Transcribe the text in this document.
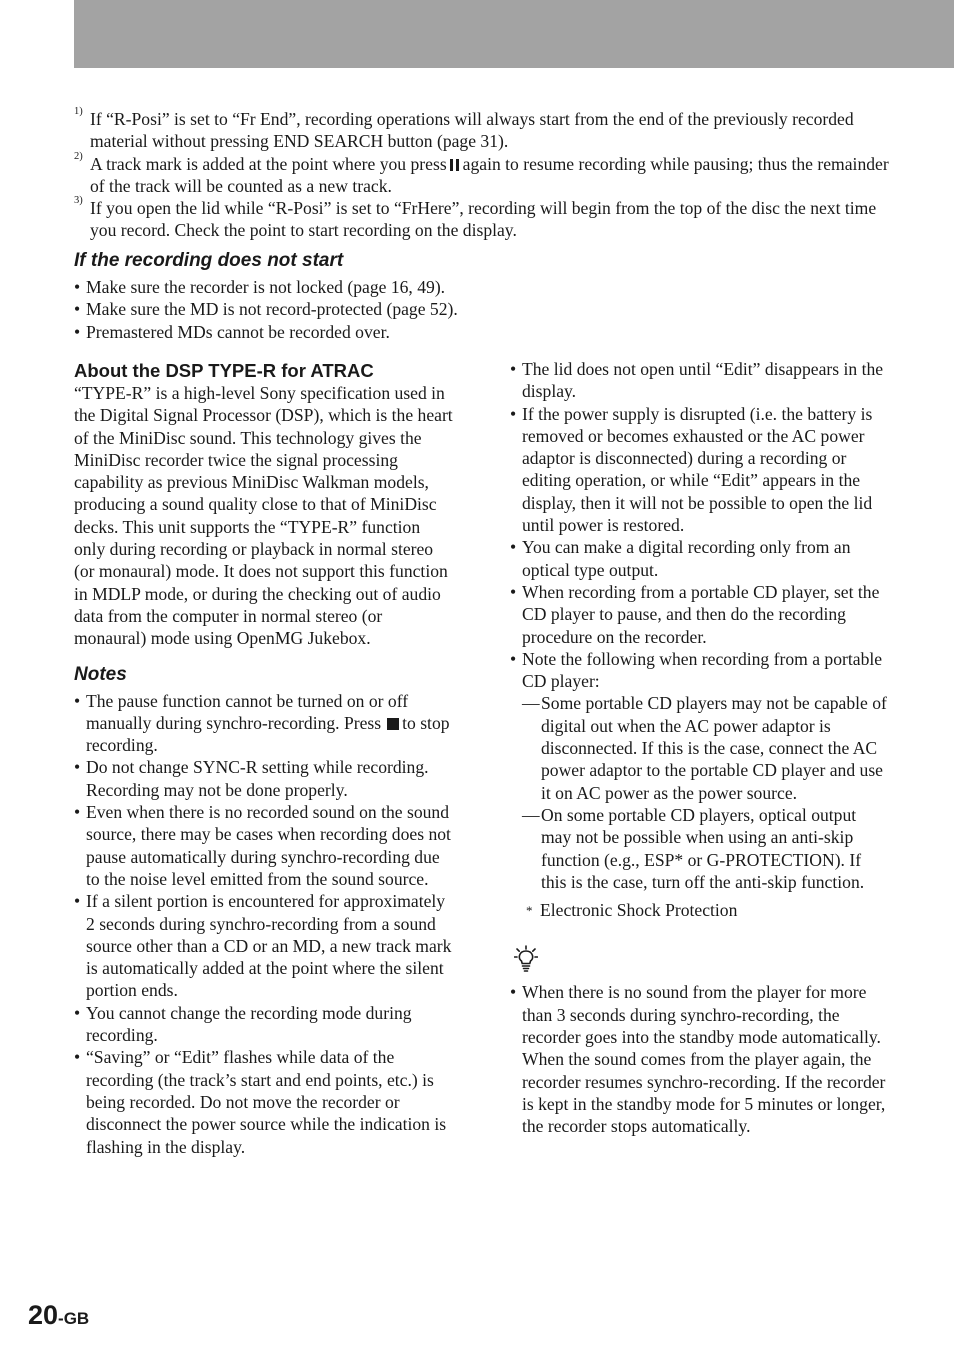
1) If “R-Posi” is set to “Fr End”, recording operations will always start from the end of the previously recorded material without pressing END SEARCH button (page 31).
2) A track mark is added at the point where you press again to resume recording while pausing; thus the remainder of the track will be counted as a new track.
3) If you open the lid while “R-Posi” is set to “FrHere”, recording will begin from the top of the disc the next time you record. Check the point to start recording on the display.
If the recording does not start
• Make sure the recorder is not locked (page 16, 49).
• Make sure the MD is not record-protected (page 52).
• Premastered MDs cannot be recorded over.
About the DSP TYPE-R for ATRAC

“TYPE-R” is a high-level Sony specification used in the Digital Signal Processor (DSP), which is the heart of the MiniDisc sound. This technology gives the MiniDisc recorder twice the signal processing capability as previous MiniDisc Walkman models, producing a sound quality close to that of MiniDisc decks. This unit supports the “TYPE-R” function only during recording or playback in normal stereo (or monaural) mode. It does not support this function in MDLP mode, or during the checking out of audio data from the computer in normal stereo (or monaural) mode using OpenMG Jukebox.

Notes
• The pause function cannot be turned on or off manually during synchro-recording. Press to stop recording.
• Do not change SYNC-R setting while recording. Recording may not be done properly.
• Even when there is no recorded sound on the sound source, there may be cases when recording does not pause automatically during synchro-recording due to the noise level emitted from the sound source.
• If a silent portion is encountered for approximately 2 seconds during synchro-recording from a sound source other than a CD or an MD, a new track mark is automatically added at the point where the silent portion ends.
• You cannot change the recording mode during recording.
• “Saving” or “Edit” flashes while data of the recording (the track’s start and end points, etc.) is being recorded. Do not move the recorder or disconnect the power source while the indication is flashing in the display.
• The lid does not open until “Edit” disappears in the display.
• If the power supply is disrupted (i.e. the battery is removed or becomes exhausted or the AC power adaptor is disconnected) during a recording or editing operation, or while “Edit” appears in the display, then it will not be possible to open the lid until power is restored.
• You can make a digital recording only from an optical type output.
• When recording from a portable CD player, set the CD player to pause, and then do the recording procedure on the recorder.
• Note the following when recording from a portable CD player:
— Some portable CD players may not be capable of digital out when the AC power adaptor is disconnected. If this is the case, connect the AC power adaptor to the portable CD player and use it on AC power as the power source.
— On some portable CD players, optical output may not be possible when using an anti-skip function (e.g., ESP* or G-PROTECTION). If this is the case, turn off the anti-skip function.
* Electronic Shock Protection
• When there is no sound from the player for more than 3 seconds during synchro-recording, the recorder goes into the standby mode automatically. When the sound comes from the player again, the recorder resumes synchro-recording. If the recorder is kept in the standby mode for 5 minutes or longer, the recorder stops automatically.
20-GB
